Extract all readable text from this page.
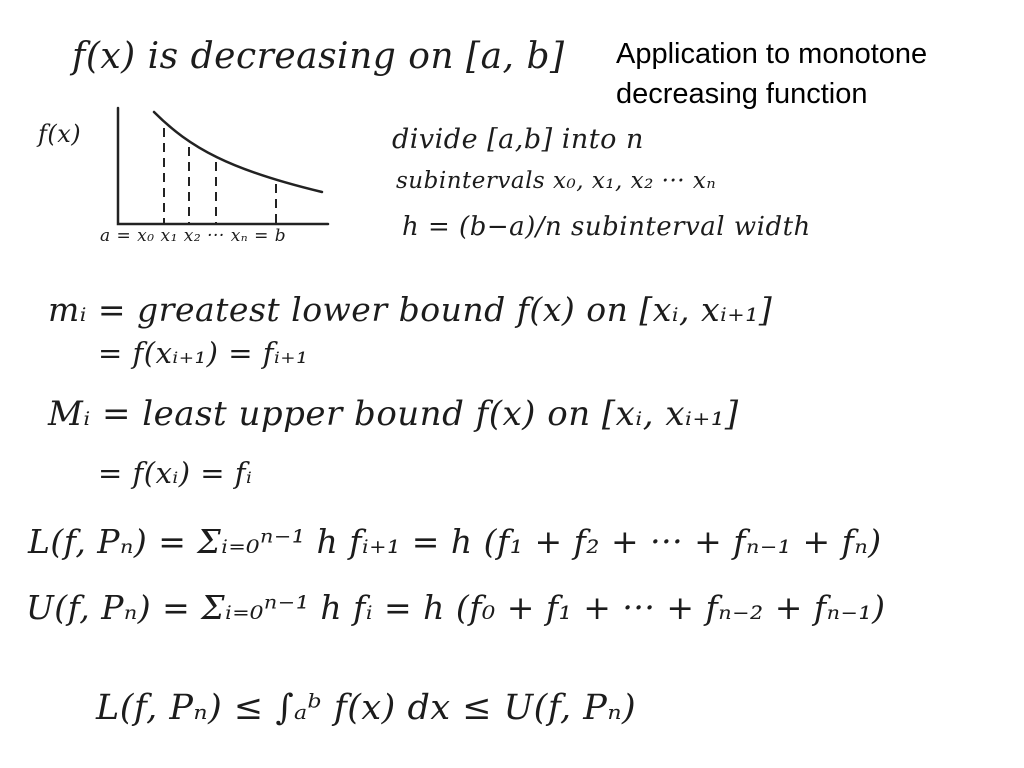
Application to monotone
decreasing function
f(x) is decreasing on [a, b]
f(x)
a = x₀ x₁ x₂ ··· xₙ = b
divide [a,b] into n
subintervals x₀, x₁, x₂ ··· xₙ
h = (b−a)/n subinterval width
mᵢ = greatest lower bound f(x) on [xᵢ, xᵢ₊₁]
= f(xᵢ₊₁) = fᵢ₊₁
Mᵢ = least upper bound f(x) on [xᵢ, xᵢ₊₁]
= f(xᵢ) = fᵢ
L(f, Pₙ) = Σᵢ₌₀ⁿ⁻¹ h fᵢ₊₁ = h (f₁ + f₂ + ··· + fₙ₋₁ + fₙ)
U(f, Pₙ) = Σᵢ₌₀ⁿ⁻¹ h fᵢ = h (f₀ + f₁ + ··· + fₙ₋₂ + fₙ₋₁)
L(f, Pₙ) ≤ ∫ₐᵇ f(x) dx ≤ U(f, Pₙ)
